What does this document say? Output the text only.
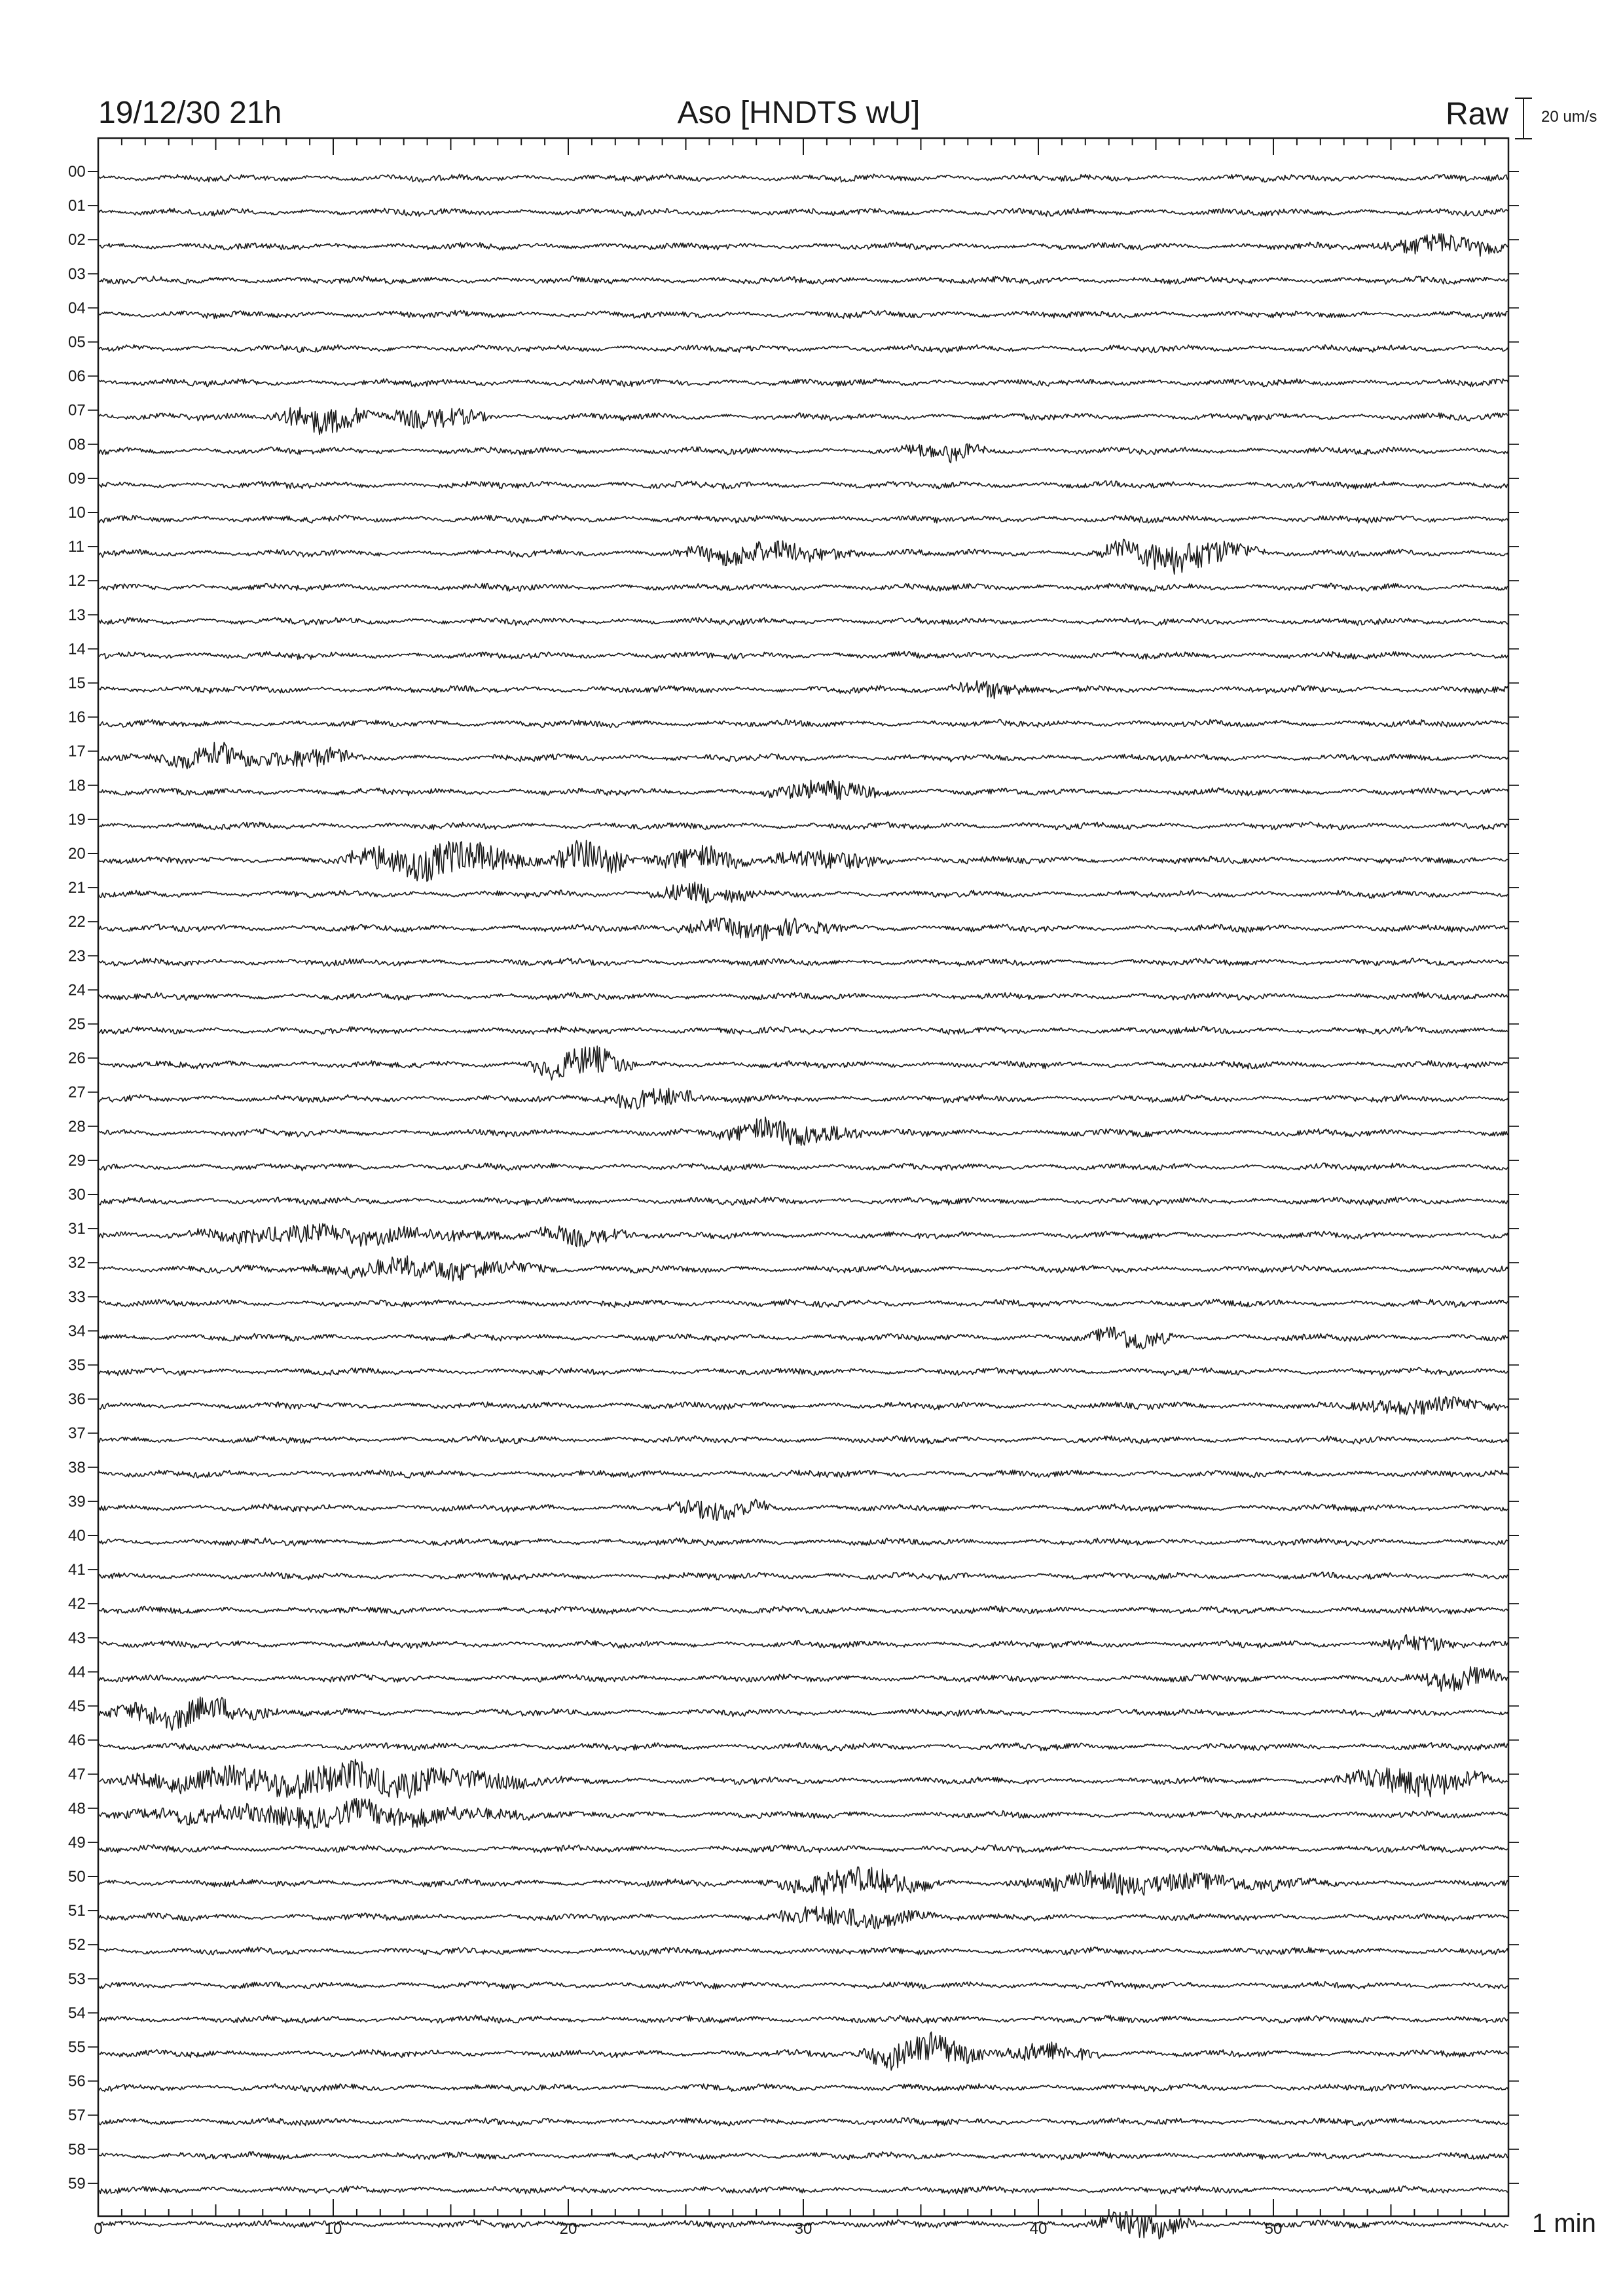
19/12/30 21h	Aso [HNDTS wU]	Raw 20 um/s
00
01
02
03
04
05
06
07
08
09
10
11
12
13
14
15
16
17
18
19
20
21
22
23
24
25
26
27
28
29
30
31
32
33
34
35
36
37
38
39
40
41
42
43
44
45
46
47
48
49
50
51
52
53
54
55
56
57
58
59
0	10	20	30	40	50	1 min
